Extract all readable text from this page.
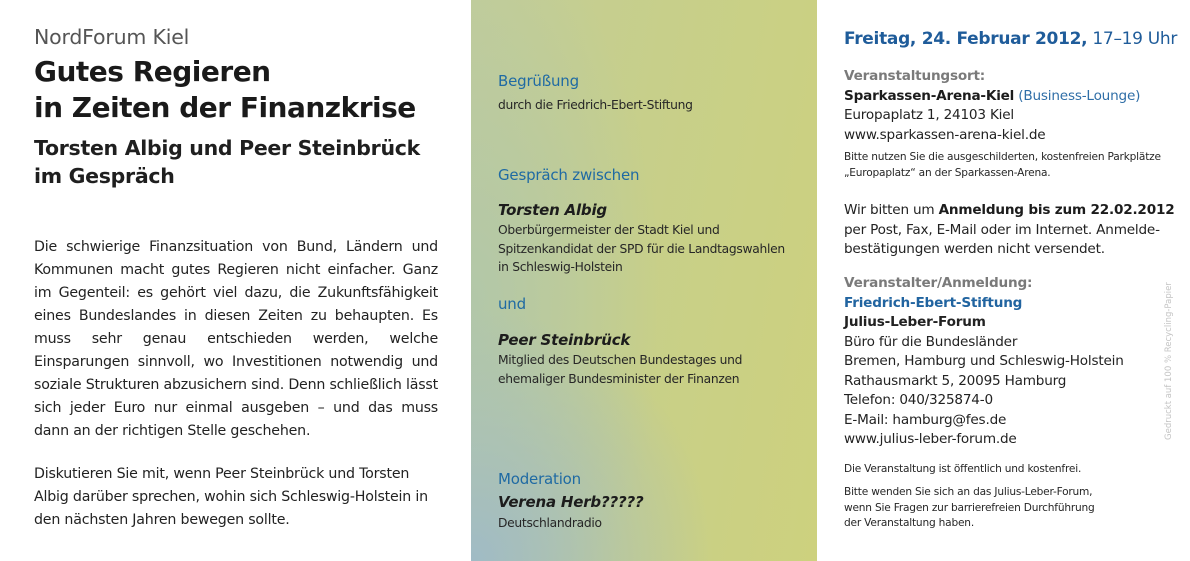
NordForum Kiel
Gutes Regieren
in Zeiten der Finanzkrise
Torsten Albig und Peer Steinbrück
im Gespräch

Die schwierige Finanzsituation von Bund, Ländern und Kommunen macht gutes Regieren nicht einfacher. Ganz im Gegenteil: es gehört viel dazu, die Zukunftsfähigkeit eines Bundeslandes in diesen Zeiten zu behaupten. Es muss sehr genau entschieden werden, welche Einsparungen sinnvoll, wo Investitionen notwendig und soziale Strukturen abzusichern sind. Denn schließlich lässt sich jeder Euro nur einmal ausgeben – und das muss dann an der richtigen Stelle geschehen.

Diskutieren Sie mit, wenn Peer Steinbrück und Torsten Albig darüber sprechen, wohin sich Schleswig-Holstein in den nächsten Jahren bewegen sollte.

Begrüßung
durch die Friedrich-Ebert-Stiftung
Gespräch zwischen
Torsten Albig
Oberbürgermeister der Stadt Kiel und
Spitzenkandidat der SPD für die Landtagswahlen
in Schleswig-Holstein
und
Peer Steinbrück
Mitglied des Deutschen Bundestages und
ehemaliger Bundesminister der Finanzen
Moderation
Verena Herb?????
Deutschlandradio
Freitag, 24. Februar 2012, 17–19 Uhr
Veranstaltungsort:
Sparkassen-Arena-Kiel (Business-Lounge)
Europaplatz 1, 24103 Kiel
www.sparkassen-arena-kiel.de
Bitte nutzen Sie die ausgeschilderten, kostenfreien Parkplätze
„Europaplatz“ an der Sparkassen-Arena.
Wir bitten um Anmeldung bis zum 22.02.2012
per Post, Fax, E-Mail oder im Internet. Anmelde-
bestätigungen werden nicht versendet.
Veranstalter/Anmeldung:
Friedrich-Ebert-Stiftung
Julius-Leber-Forum
Büro für die Bundesländer
Bremen, Hamburg und Schleswig-Holstein
Rathausmarkt 5, 20095 Hamburg
Telefon: 040/325874-0
E-Mail: hamburg@fes.de
www.julius-leber-forum.de
Die Veranstaltung ist öffentlich und kostenfrei.
Bitte wenden Sie sich an das Julius-Leber-Forum,
wenn Sie Fragen zur barrierefreien Durchführung
der Veranstaltung haben.
Gedruckt auf 100 % Recycling-Papier
